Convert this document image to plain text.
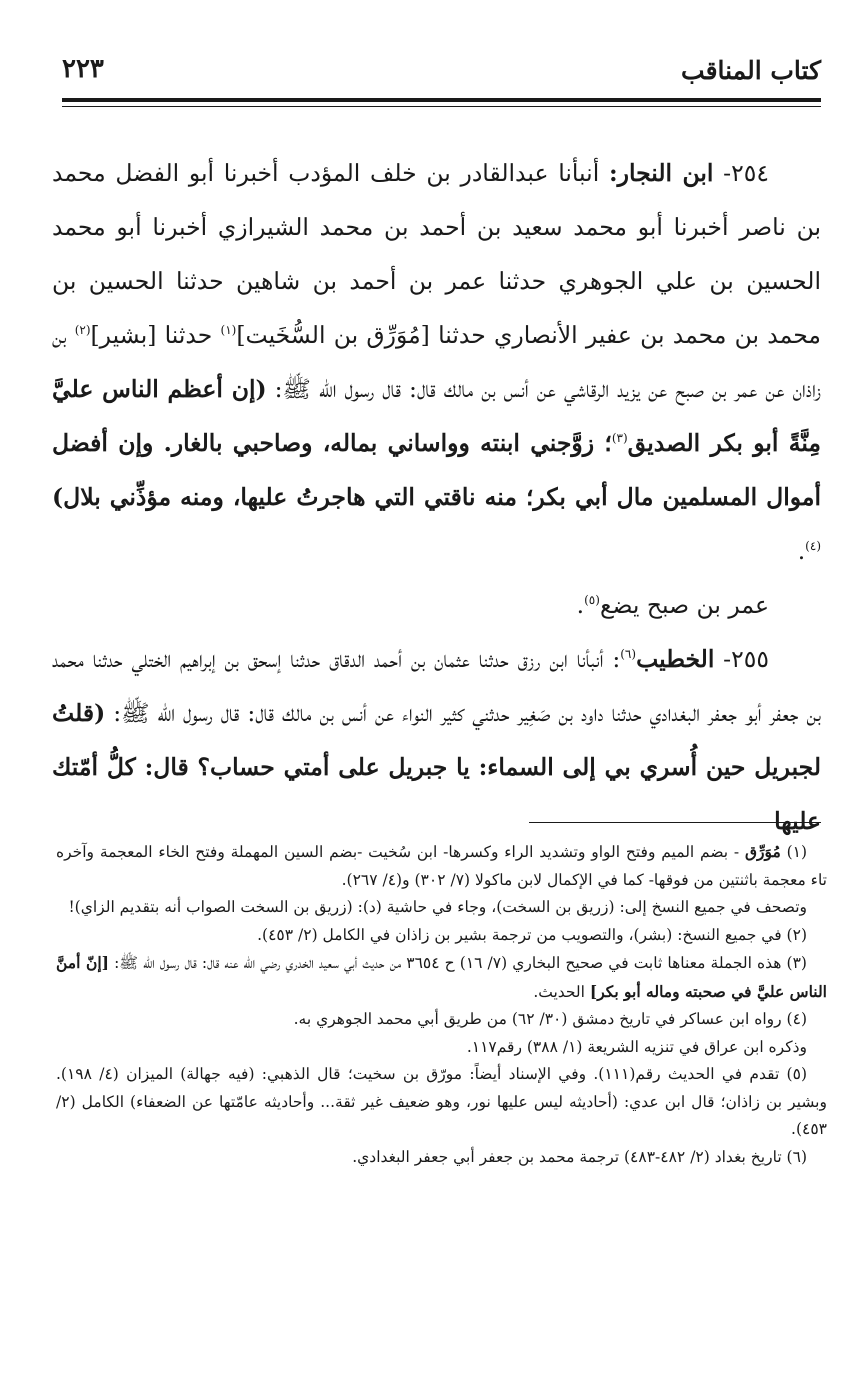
كتاب المناقب
٢٢٣

٢٥٤- ابن النجار: أنبأنا عبدالقادر بن خلف المؤدب أخبرنا أبو الفضل محمد بن ناصر أخبرنا أبو محمد سعيد بن أحمد بن محمد الشيرازي أخبرنا أبو محمد الحسين بن علي الجوهري حدثنا عمر بن أحمد بن شاهين حدثنا الحسين بن محمد بن محمد بن عفير الأنصاري حدثنا [مُوَرِّق بن السُّخَيت]$^{(١)}$ حدثنا [بشير]$^{(٢)}$ بن زاذان عن عمر بن صبح عن يزيد الرقاشي عن أنس بن مالك قال: قال رسول الله ﷺ: (إن أعظم الناس عليَّ مِنَّةً أبو بكر الصديق$^{(٣)}$؛ زوَّجني ابنته وواساني بماله، وصاحبي بالغار. وإن أفضل أموال المسلمين مال أبي بكر؛ منه ناقتي التي هاجرتُ عليها، ومنه مؤذِّني بلال)$^{(٤)}$.

عمر بن صبح يضع$^{(٥)}$.

٢٥٥- الخطيب$^{(٦)}$: أنبأنا ابن رزق حدثنا عثمان بن أحمد الدقاق حدثنا إسحق بن إبراهيم الختلي حدثنا محمد بن جعفر أبو جعفر البغدادي حدثنا داود بن صَغِير حدثني كثير النواء عن أنس بن مالك قال: قال رسول الله ﷺ: (قلتُ لجبريل حين أُسري بي إلى السماء: يا جبريل على أمتي حساب؟ قال: كلُّ أمّتك عليها

(١) مُوَرِّق - بضم الميم وفتح الواو وتشديد الراء وكسرها- ابن سُخيت -بضم السين المهملة وفتح الخاء المعجمة وآخره تاء معجمة باثنتين من فوقها- كما في الإكمال لابن ماكولا (٧/ ٣٠٢) و(٤/ ٢٦٧).

وتصحف في جميع النسخ إلى: (زريق بن السخت)، وجاء في حاشية (د): (زريق بن السخت الصواب أنه بتقديم الزاي)!

(٢) في جميع النسخ: (بشر)، والتصويب من ترجمة بشير بن زاذان في الكامل (٢/ ٤٥٣).

(٣) هذه الجملة معناها ثابت في صحيح البخاري (٧/ ١٦) ح ٣٦٥٤ من حديث أبي سعيد الخدري رضي الله عنه قال: قال رسول الله ﷺ: [إنّ أمنَّ الناس عليَّ في صحبته وماله أبو بكر] الحديث.

(٤) رواه ابن عساكر في تاريخ دمشق (٣٠/ ٦٢) من طريق أبي محمد الجوهري به.

وذكره ابن عراق في تنزيه الشريعة (١/ ٣٨٨) رقم١١٧.

(٥) تقدم في الحديث رقم(١١١). وفي الإسناد أيضاً: مورّق بن سخيت؛ قال الذهبي: (فيه جهالة) الميزان (٤/ ١٩٨). وبشير بن زاذان؛ قال ابن عدي: (أحاديثه ليس عليها نور، وهو ضعيف غير ثقة... وأحاديثه عامّتها عن الضعفاء) الكامل (٢/ ٤٥٣).

(٦) تاريخ بغداد (٢/ ٤٨٢-٤٨٣) ترجمة محمد بن جعفر أبي جعفر البغدادي.
